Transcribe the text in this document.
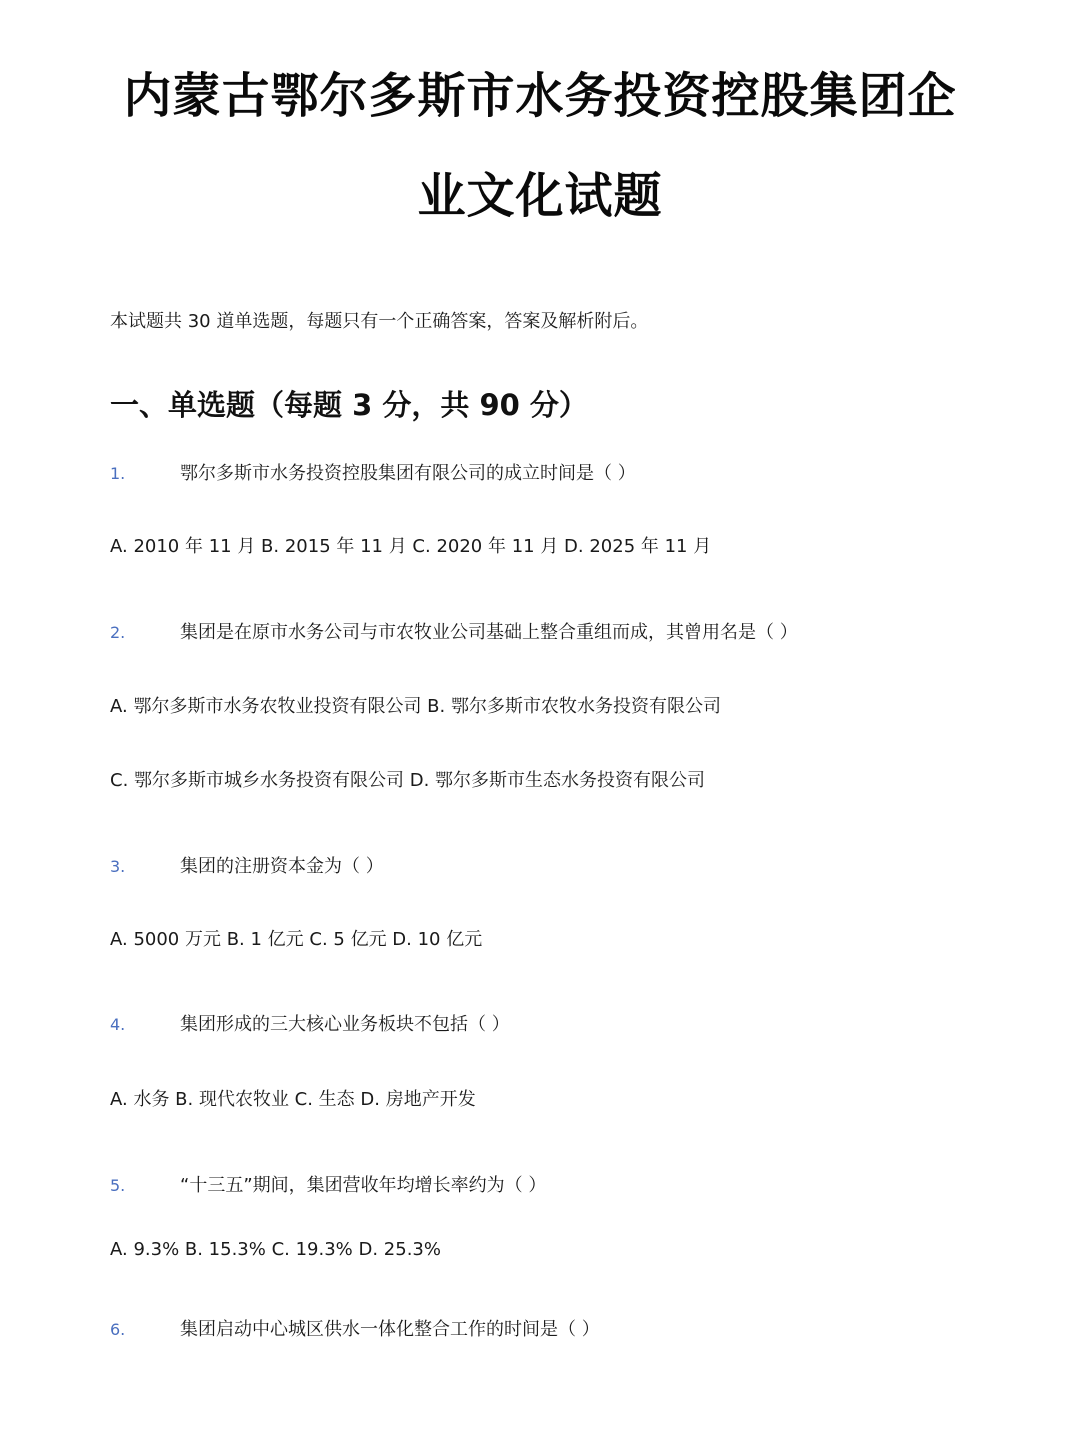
内蒙古鄂尔多斯市水务投资控股集团企
业文化试题
本试题共 30 道单选题，每题只有一个正确答案，答案及解析附后。
一、单选题（每题 3 分，共 90 分）
1.	鄂尔多斯市水务投资控股集团有限公司的成立时间是（ ）
A. 2010 年 11 月 B. 2015 年 11 月 C. 2020 年 11 月 D. 2025 年 11 月
2.	集团是在原市水务公司与市农牧业公司基础上整合重组而成，其曾用名是（ ）
A. 鄂尔多斯市水务农牧业投资有限公司 B. 鄂尔多斯市农牧水务投资有限公司
C. 鄂尔多斯市城乡水务投资有限公司 D. 鄂尔多斯市生态水务投资有限公司
3.	集团的注册资本金为（ ）
A. 5000 万元 B. 1 亿元 C. 5 亿元 D. 10 亿元
4.	集团形成的三大核心业务板块不包括（ ）
A. 水务 B. 现代农牧业 C. 生态 D. 房地产开发
5.	“十三五”期间，集团营收年均增长率约为（ ）
A. 9.3% B. 15.3% C. 19.3% D. 25.3%
6.	集团启动中心城区供水一体化整合工作的时间是（ ）
